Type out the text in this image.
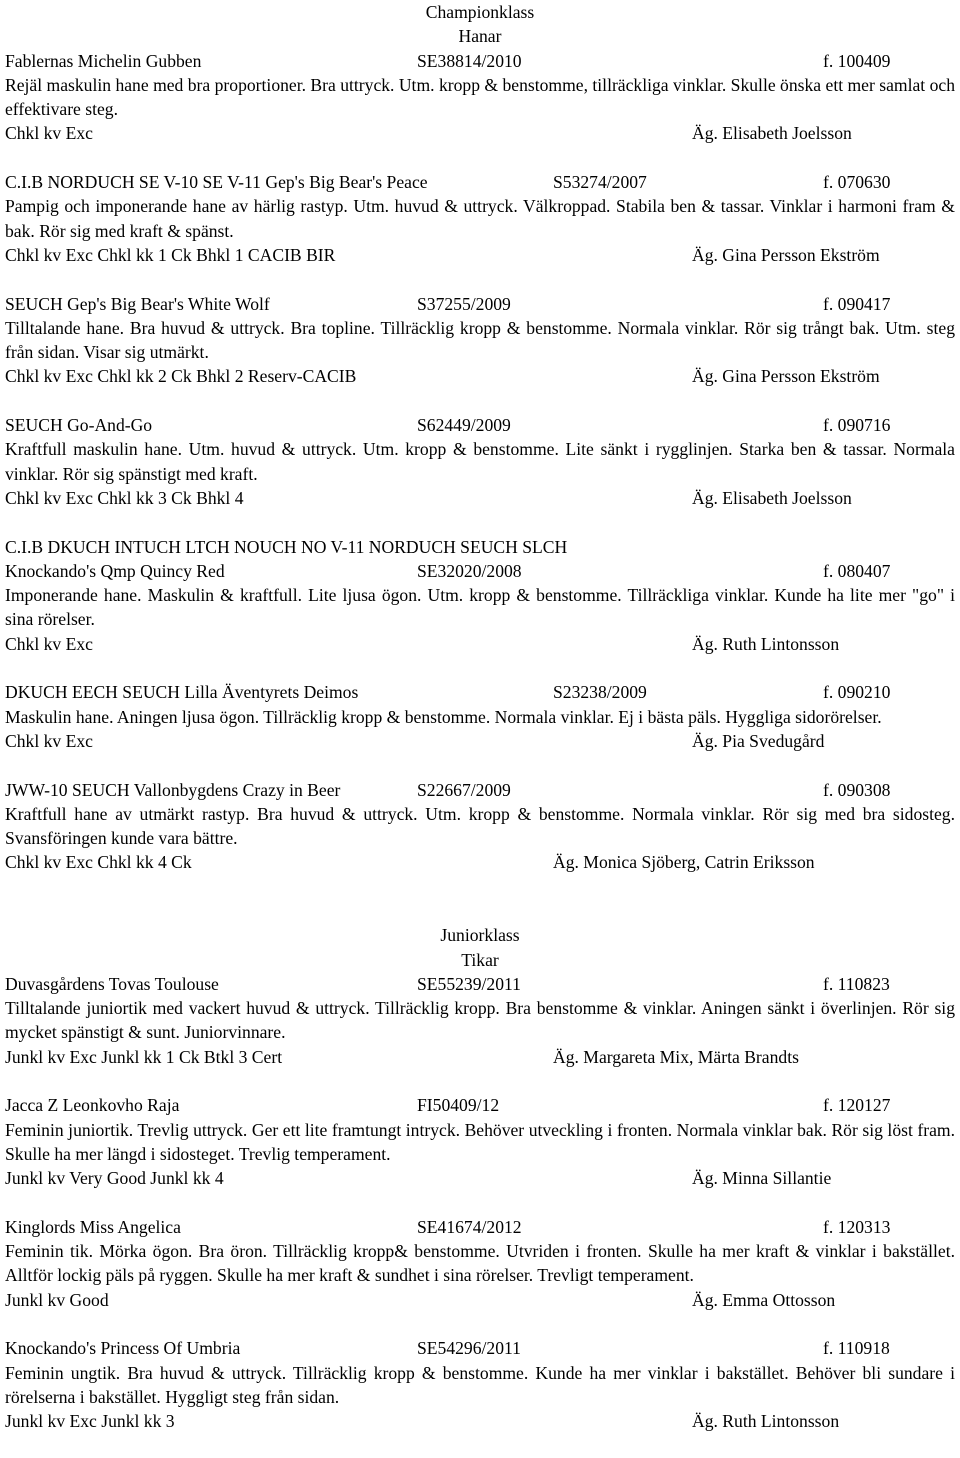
Championklass
Hanar
Fablernas Michelin Gubben	SE38814/2010	f. 100409

Rejäl maskulin hane med bra proportioner. Bra uttryck. Utm. kropp & benstomme, tillräckliga vinklar. Skulle önska ett mer samlat och effektivare steg.

Chkl kv Exc	Äg. Elisabeth Joelsson
C.I.B NORDUCH SE V-10 SE V-11 Gep's Big Bear's Peace	S53274/2007	f. 070630

Pampig och imponerande hane av härlig rastyp. Utm. huvud & uttryck. Välkroppad. Stabila ben & tassar. Vinklar i harmoni fram & bak. Rör sig med kraft & spänst.

Chkl kv Exc Chkl kk 1 Ck Bhkl 1 CACIB BIR	Äg. Gina Persson Ekström
SEUCH Gep's Big Bear's White Wolf	S37255/2009	f. 090417

Tilltalande hane. Bra huvud & uttryck. Bra topline. Tillräcklig kropp & benstomme. Normala vinklar. Rör sig trångt bak. Utm. steg från sidan. Visar sig utmärkt.

Chkl kv Exc Chkl kk 2 Ck Bhkl 2 Reserv-CACIB	Äg. Gina Persson Ekström
SEUCH Go-And-Go	S62449/2009	f. 090716

Kraftfull maskulin hane. Utm. huvud & uttryck. Utm. kropp & benstomme. Lite sänkt i rygglinjen. Starka ben & tassar. Normala vinklar. Rör sig spänstigt med kraft.

Chkl kv Exc Chkl kk 3 Ck Bhkl 4	Äg. Elisabeth Joelsson
C.I.B DKUCH INTUCH LTCH NOUCH NO V-11 NORDUCH SEUCH SLCH
Knockando's Qmp Quincy Red	SE32020/2008	f. 080407

Imponerande hane. Maskulin & kraftfull. Lite ljusa ögon. Utm. kropp & benstomme. Tillräckliga vinklar. Kunde ha lite mer "go" i sina rörelser.

Chkl kv Exc	Äg. Ruth Lintonsson
DKUCH EECH SEUCH Lilla Äventyrets Deimos	S23238/2009	f. 090210

Maskulin hane. Aningen ljusa ögon. Tillräcklig kropp & benstomme. Normala vinklar. Ej i bästa päls. Hyggliga sidorörelser.

Chkl kv Exc	Äg. Pia Svedugård
JWW-10 SEUCH Vallonbygdens Crazy in Beer	S22667/2009	f. 090308

Kraftfull hane av utmärkt rastyp. Bra huvud & uttryck. Utm. kropp & benstomme. Normala vinklar. Rör sig med bra sidosteg. Svansföringen kunde vara bättre.

Chkl kv Exc Chkl kk 4 Ck	Äg. Monica Sjöberg, Catrin Eriksson
Juniorklass
Tikar
Duvasgårdens Tovas Toulouse	SE55239/2011	f. 110823

Tilltalande juniortik med vackert huvud & uttryck. Tillräcklig kropp. Bra benstomme & vinklar. Aningen sänkt i överlinjen. Rör sig mycket spänstigt & sunt. Juniorvinnare.

Junkl kv Exc Junkl kk 1 Ck Btkl 3 Cert	Äg. Margareta Mix, Märta Brandts
Jacca Z Leonkovho Raja	FI50409/12	f. 120127

Feminin juniortik. Trevlig uttryck. Ger ett lite framtungt intryck. Behöver utveckling i fronten. Normala vinklar bak. Rör sig löst fram. Skulle ha mer längd i sidosteget. Trevlig temperament.

Junkl kv Very Good Junkl kk 4	Äg. Minna Sillantie
Kinglords Miss Angelica	SE41674/2012	f. 120313

Feminin tik. Mörka ögon. Bra öron. Tillräcklig kropp& benstomme. Utvriden i fronten. Skulle ha mer kraft & vinklar i bakstället. Alltför lockig päls på ryggen. Skulle ha mer kraft & sundhet i sina rörelser. Trevligt temperament.

Junkl kv Good	Äg. Emma Ottosson
Knockando's Princess Of Umbria	SE54296/2011	f. 110918

Feminin ungtik. Bra huvud & uttryck. Tillräcklig kropp & benstomme. Kunde ha mer vinklar i bakstället. Behöver bli sundare i rörelserna i bakstället. Hyggligt steg från sidan.

Junkl kv Exc Junkl kk 3	Äg. Ruth Lintonsson
